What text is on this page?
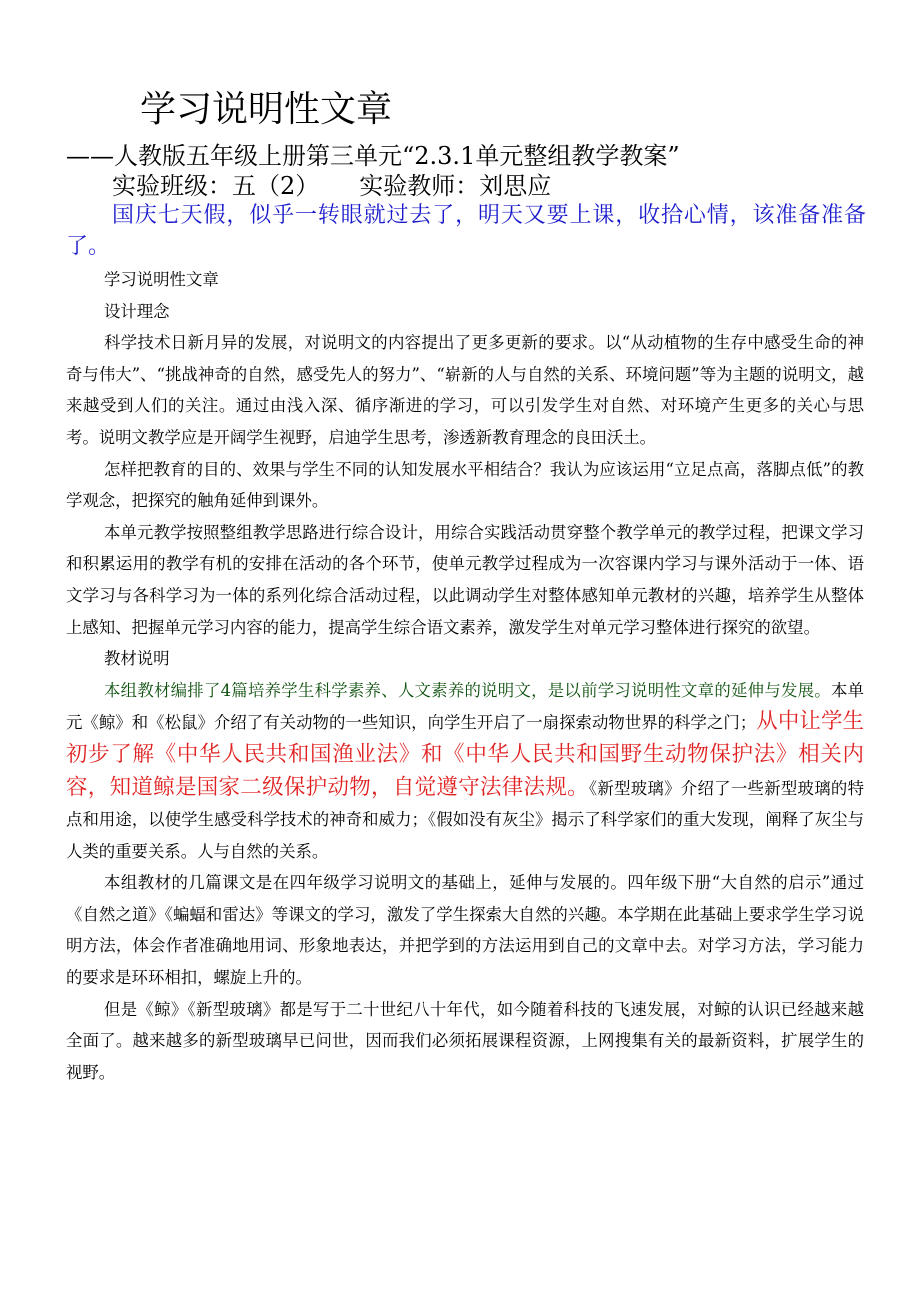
学习说明性文章
——人教版五年级上册第三单元“2.3.1单元整组教学教案”
实验班级：五（2） 实验教师：刘思应
国庆七天假，似乎一转眼就过去了，明天又要上课，收拾心情，该准备准备了。

学习说明性文章

设计理念

科学技术日新月异的发展，对说明文的内容提出了更多更新的要求。以“从动植物的生存中感受生命的神奇与伟大”、“挑战神奇的自然，感受先人的努力”、“崭新的人与自然的关系、环境问题”等为主题的说明文，越来越受到人们的关注。通过由浅入深、循序渐进的学习，可以引发学生对自然、对环境产生更多的关心与思考。说明文教学应是开阔学生视野，启迪学生思考，渗透新教育理念的良田沃土。

怎样把教育的目的、效果与学生不同的认知发展水平相结合？我认为应该运用“立足点高，落脚点低”的教学观念，把探究的触角延伸到课外。

本单元教学按照整组教学思路进行综合设计，用综合实践活动贯穿整个教学单元的教学过程，把课文学习和积累运用的教学有机的安排在活动的各个环节，使单元教学过程成为一次容课内学习与课外活动于一体、语文学习与各科学习为一体的系列化综合活动过程，以此调动学生对整体感知单元教材的兴趣，培养学生从整体上感知、把握单元学习内容的能力，提高学生综合语文素养，激发学生对单元学习整体进行探究的欲望。

教材说明

本组教材编排了4篇培养学生科学素养、人文素养的说明文，是以前学习说明性文章的延伸与发展。本单元《鲸》和《松鼠》介绍了有关动物的一些知识，向学生开启了一扇探索动物世界的科学之门；从中让学生初步了解《中华人民共和国渔业法》和《中华人民共和国野生动物保护法》相关内容，知道鲸是国家二级保护动物，自觉遵守法律法规。《新型玻璃》介绍了一些新型玻璃的特点和用途，以使学生感受科学技术的神奇和威力；《假如没有灰尘》揭示了科学家们的重大发现，阐释了灰尘与人类的重要关系。人与自然的关系。

本组教材的几篇课文是在四年级学习说明文的基础上，延伸与发展的。四年级下册“大自然的启示”通过《自然之道》《蝙蝠和雷达》等课文的学习，激发了学生探索大自然的兴趣。本学期在此基础上要求学生学习说明方法，体会作者准确地用词、形象地表达，并把学到的方法运用到自己的文章中去。对学习方法，学习能力的要求是环环相扣，螺旋上升的。

但是《鲸》《新型玻璃》都是写于二十世纪八十年代，如今随着科技的飞速发展，对鲸的认识已经越来越全面了。越来越多的新型玻璃早已问世，因而我们必须拓展课程资源，上网搜集有关的最新资料，扩展学生的视野。
